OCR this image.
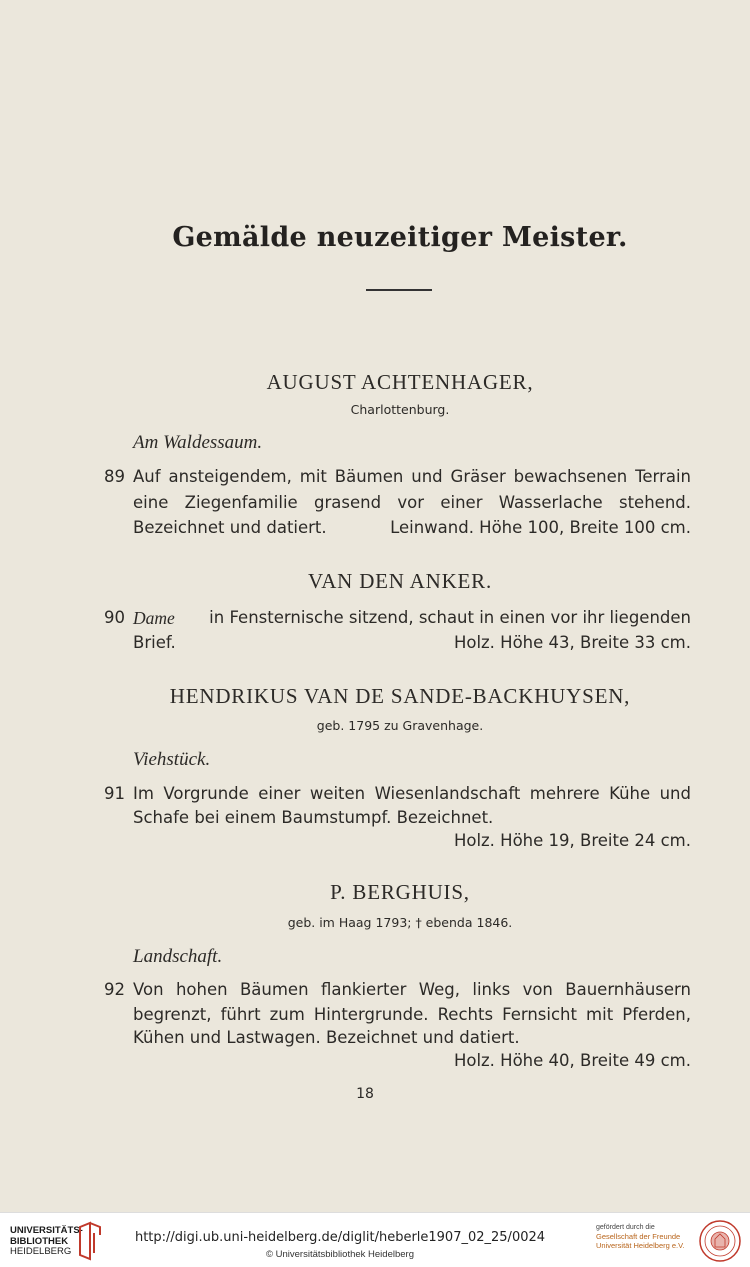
Gemälde neuzeitiger Meister.
AUGUST ACHTENHAGER,
Charlottenburg.
Am Waldessaum.
89 Auf ansteigendem, mit Bäumen und Gräser bewachsenen Terrain
eine Ziegenfamilie grasend vor einer Wasserlache stehend.
Bezeichnet und datiert.	Leinwand. Höhe 100, Breite 100 cm.
VAN DEN ANKER.
90 Dame in Fensternische sitzend, schaut in einen vor ihr liegenden
Brief.	Holz. Höhe 43, Breite 33 cm.
HENDRIKUS VAN DE SANDE-BACKHUYSEN,
geb. 1795 zu Gravenhage.
Viehstück.
91 Im Vorgrunde einer weiten Wiesenlandschaft mehrere Kühe und
Schafe bei einem Baumstumpf. Bezeichnet.
Holz. Höhe 19, Breite 24 cm.
P. BERGHUIS,
geb. im Haag 1793; † ebenda 1846.
Landschaft.
92 Von hohen Bäumen flankierter Weg, links von Bauernhäusern
begrenzt, führt zum Hintergrunde. Rechts Fernsicht mit Pferden,
Kühen und Lastwagen. Bezeichnet und datiert.
Holz. Höhe 40, Breite 49 cm.
18
UNIVERSITÄTS-
BIBLIOTHEK
HEIDELBERG
http://digi.ub.uni-heidelberg.de/diglit/heberle1907_02_25/0024
© Universitätsbibliothek Heidelberg
gefördert durch die
Gesellschaft der Freunde
Universität Heidelberg e.V.
